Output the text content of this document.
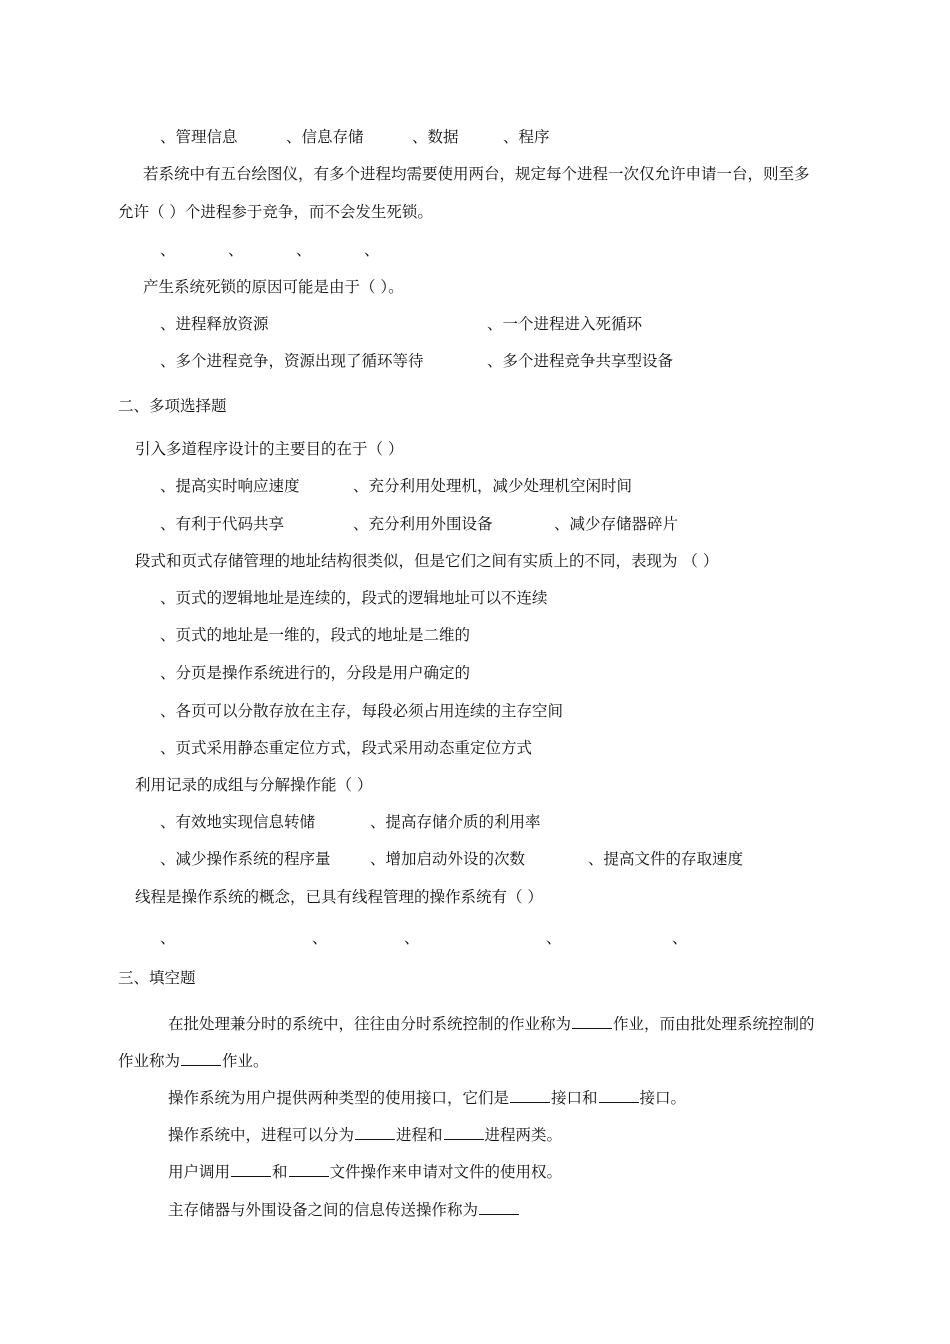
、管理信息	、信息存储	、数据	、程序
若系统中有五台绘图仪，有多个进程均需要使用两台，规定每个进程一次仅允许申请一台，则至多
允许（ ）个进程参于竞争，而不会发生死锁。
、	、	、	、
产生系统死锁的原因可能是由于（ ）。
、进程释放资源	、一个进程进入死循环
、多个进程竞争，资源出现了循环等待	、多个进程竞争共享型设备
二、多项选择题
引入多道程序设计的主要目的在于（ ）
、提高实时响应速度	、充分利用处理机，减少处理机空闲时间
、有利于代码共享	、充分利用外围设备	、减少存储器碎片
段式和页式存储管理的地址结构很类似，但是它们之间有实质上的不同，表现为 （ ）
、页式的逻辑地址是连续的，段式的逻辑地址可以不连续
、页式的地址是一维的，段式的地址是二维的
、分页是操作系统进行的，分段是用户确定的
、各页可以分散存放在主存，每段必须占用连续的主存空间
、页式采用静态重定位方式，段式采用动态重定位方式
利用记录的成组与分解操作能（ ）
、有效地实现信息转储	、提高存储介质的利用率
、减少操作系统的程序量	、增加启动外设的次数	、提高文件的存取速度
线程是操作系统的概念，已具有线程管理的操作系统有（ ）
、	、	、	、	、
三、填空题
在批处理兼分时的系统中，往往由分时系统控制的作业称为	作业，而由批处理系统控制的
作业称为	作业。
操作系统为用户提供两种类型的使用接口，它们是	接口和	接口。
操作系统中，进程可以分为	进程和	进程两类。
用户调用	和	文件操作来申请对文件的使用权。
主存储器与外围设备之间的信息传送操作称为
